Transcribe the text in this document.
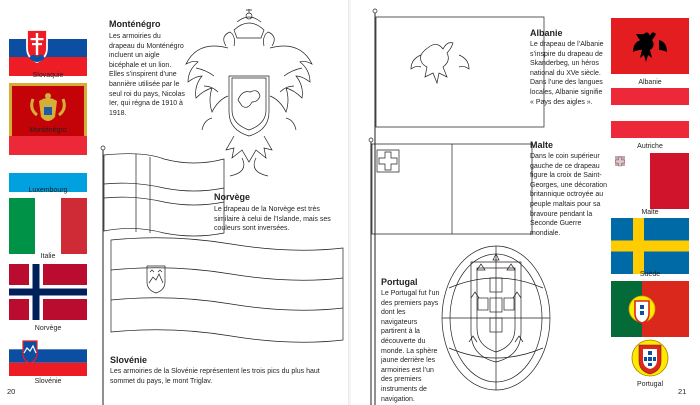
Slovaquie
Monténégro
Luxembourg
Italie
Norvège
Slovénie
Monténégro
Les armoiries du drapeau du Monténégro incluent un aigle bicéphale et un lion. Elles s’inspirent d’une bannière utilisée par le seul roi du pays, Nicolas Ier, qui régna de 1910 à 1918.
Norvège
Le drapeau de la Norvège est très similaire à celui de l’Islande, mais ses couleurs sont inversées.
Slovénie
Les armoiries de la Slovénie représentent les trois pics du plus haut sommet du pays, le mont Triglav.
20
Albanie
Autriche
Malte
Suède
Portugal
Albanie
Le drapeau de l’Albanie s’inspire du drapeau de Skanderbeg, un héros national du XVe siècle. Dans l’une des langues locales, Albanie signifie « Pays des aigles ».
Malte
Dans le coin supérieur gauche de ce drapeau figure la croix de Saint-Georges, une décoration britannique octroyée au peuple maltais pour sa bravoure pendant la Seconde Guerre mondiale.
Portugal
Le Portugal fut l’un des premiers pays dont les navigateurs partirent à la découverte du monde. La sphère jaune derrière les armoiries est l’un des premiers instruments de navigation.
21
